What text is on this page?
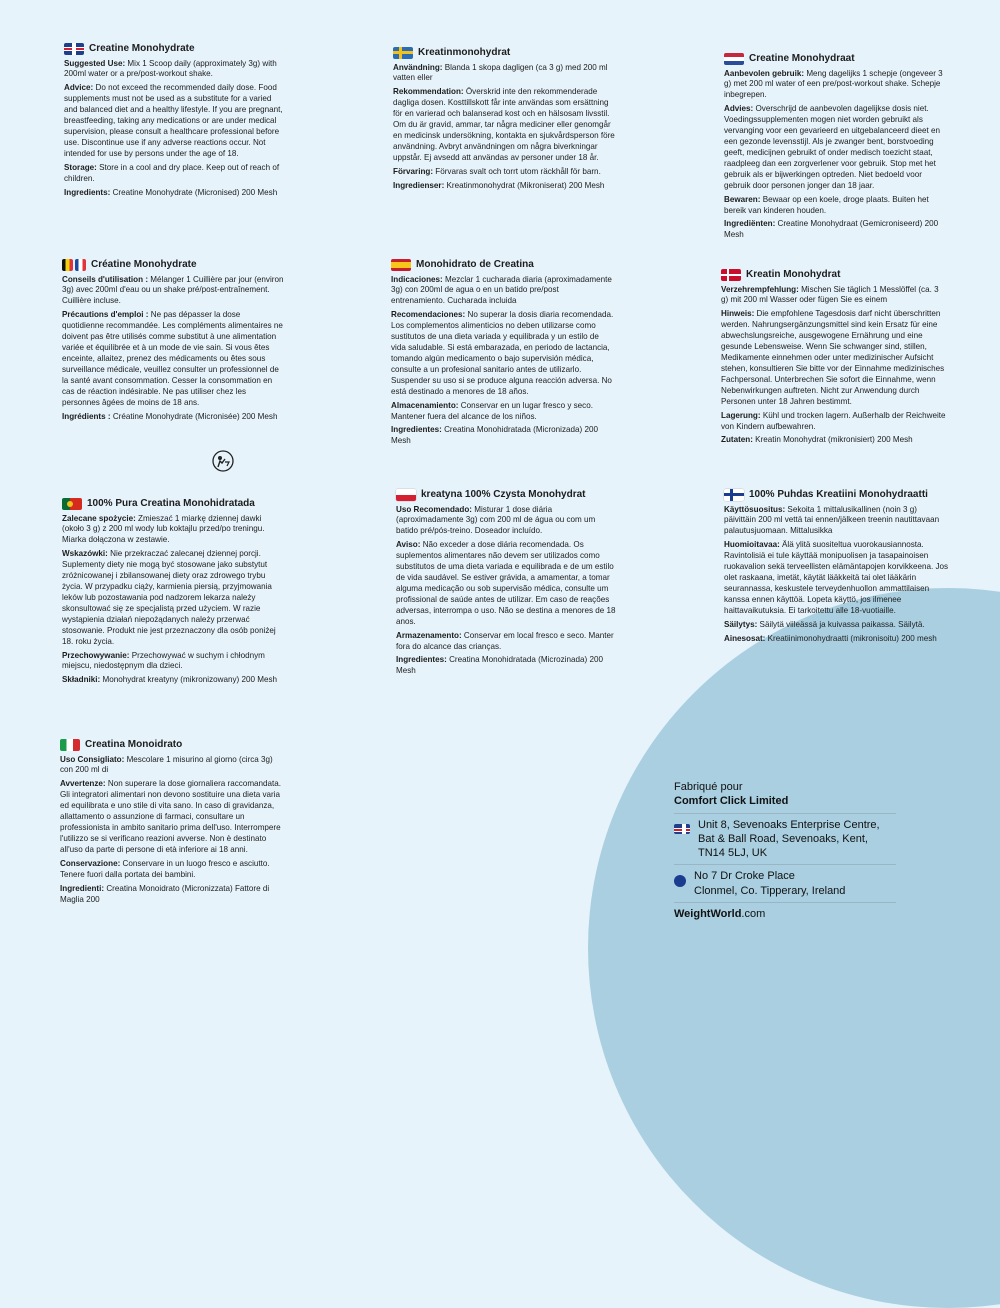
Creatine Monohydrate

Suggested Use: Mix 1 Scoop daily (approximately 3g) with 200ml water or a pre/post-workout shake.

Advice: Do not exceed the recommended daily dose. Food supplements must not be used as a substitute for a varied and balanced diet and a healthy lifestyle. If you are pregnant, breastfeeding, taking any medications or are under medical supervision, please consult a healthcare professional before use. Discontinue use if any adverse reactions occur. Not intended for use by persons under the age of 18.

Storage: Store in a cool and dry place. Keep out of reach of children.

Ingredients: Creatine Monohydrate (Micronised) 200 Mesh

Créatine Monohydrate

Conseils d'utilisation : Mélanger 1 Cuillière par jour (environ 3g) avec 200ml d'eau ou un shake pré/post-entraînement. Cuillière incluse.

Précautions d'emploi : Ne pas dépasser la dose quotidienne recommandée. Les compléments alimentaires ne doivent pas être utilisés comme substitut à une alimentation variée et équilibrée et à un mode de vie sain. Si vous êtes enceinte, allaitez, prenez des médicaments ou êtes sous surveillance médicale, veuillez consulter un professionnel de la santé avant consommation. Cesser la consommation en cas de réaction indésirable. Ne pas utiliser chez les personnes âgées de moins de 18 ans.

Ingrédients : Créatine Monohydrate (Micronisée) 200 Mesh

100% Pura Creatina Monohidratada

Zalecane spożycie: Zmieszać 1 miarkę dziennej dawki (około 3 g) z 200 ml wody lub koktajlu przed/po treningu. Miarka dołączona w zestawie.

Wskazówki: Nie przekraczać zalecanej dziennej porcji. Suplementy diety nie mogą być stosowane jako substytut zróżnicowanej i zbilansowanej diety oraz zdrowego trybu życia. W przypadku ciąży, karmienia piersią, przyjmowania leków lub pozostawania pod nadzorem lekarza należy skonsultować się ze specjalistą przed użyciem. W razie wystąpienia działań niepożądanych należy przerwać stosowanie. Produkt nie jest przeznaczony dla osób poniżej 18. roku życia.

Przechowywanie: Przechowywać w suchym i chłodnym miejscu, niedostępnym dla dzieci.

Składniki: Monohydrat kreatyny (mikronizowany) 200 Mesh

Creatina Monoidrato

Uso Consigliato: Mescolare 1 misurino al giorno (circa 3g) con 200 ml di

Avvertenze: Non superare la dose giornaliera raccomandata. Gli integratori alimentari non devono sostituire una dieta varia ed equilibrata e uno stile di vita sano. In caso di gravidanza, allattamento o assunzione di farmaci, consultare un professionista in ambito sanitario prima dell'uso. Interrompere l'utilizzo se si verificano reazioni avverse. Non è destinato all'uso da parte di persone di età inferiore ai 18 anni.

Conservazione: Conservare in un luogo fresco e asciutto. Tenere fuori dalla portata dei bambini.

Ingredienti: Creatina Monoidrato (Micronizzata) Fattore di Maglia 200

Kreatinmonohydrat

Användning: Blanda 1 skopa dagligen (ca 3 g) med 200 ml vatten eller

Rekommendation: Överskrid inte den rekommenderade dagliga dosen. Kosttillskott får inte användas som ersättning för en varierad och balanserad kost och en hälsosam livsstil. Om du är gravid, ammar, tar några mediciner eller genomgår en medicinsk undersökning, kontakta en sjukvårdsperson före användning. Avbryt användningen om några biverkningar uppstår. Ej avsedd att användas av personer under 18 år.

Förvaring: Förvaras svalt och torrt utom räckhåll för barn.

Ingredienser: Kreatinmonohydrat (Mikroniserat) 200 Mesh

Monohidrato de Creatina

Indicaciones: Mezclar 1 cucharada diaria (aproximadamente 3g) con 200ml de agua o en un batido pre/post entrenamiento. Cucharada incluida

Recomendaciones: No superar la dosis diaria recomendada. Los complementos alimenticios no deben utilizarse como sustitutos de una dieta variada y equilibrada y un estilo de vida saludable. Si está embarazada, en periodo de lactancia, tomando algún medicamento o bajo supervisión médica, consulte a un profesional sanitario antes de utilizarlo. Suspender su uso si se produce alguna reacción adversa. No está destinado a menores de 18 años.

Almacenamiento: Conservar en un lugar fresco y seco. Mantener fuera del alcance de los niños.

Ingredientes: Creatina Monohidratada (Micronizada) 200 Mesh

kreatyna 100% Czysta Monohydrat

Uso Recomendado: Misturar 1 dose diária (aproximadamente 3g) com 200 ml de água ou com um batido pré/pós-treino. Doseador incluído.

Aviso: Não exceder a dose diária recomendada. Os suplementos alimentares não devem ser utilizados como substitutos de uma dieta variada e equilibrada e de um estilo de vida saudável. Se estiver grávida, a amamentar, a tomar alguma medicação ou sob supervisão médica, consulte um profissional de saúde antes de utilizar. Em caso de reações adversas, interrompa o uso. Não se destina a menores de 18 anos.

Armazenamento: Conservar em local fresco e seco. Manter fora do alcance das crianças.

Ingredientes: Creatina Monohidratada (Microzinada) 200 Mesh

Creatine Monohydraat

Aanbevolen gebruik: Meng dagelijks 1 schepje (ongeveer 3 g) met 200 ml water of een pre/post-workout shake. Schepje inbegrepen.

Advies: Overschrijd de aanbevolen dagelijkse dosis niet. Voedingssupplementen mogen niet worden gebruikt als vervanging voor een gevarieerd en uitgebalanceerd dieet en een gezonde levensstijl. Als je zwanger bent, borstvoeding geeft, medicijnen gebruikt of onder medisch toezicht staat, raadpleeg dan een zorgverlener voor gebruik. Stop met het gebruik als er bijwerkingen optreden. Niet bedoeld voor gebruik door personen jonger dan 18 jaar.

Bewaren: Bewaar op een koele, droge plaats. Buiten het bereik van kinderen houden.

Ingrediënten: Creatine Monohydraat (Gemicroniseerd) 200 Mesh

Kreatin Monohydrat

Verzehrempfehlung: Mischen Sie täglich 1 Messlöffel (ca. 3 g) mit 200 ml Wasser oder fügen Sie es einem

Hinweis: Die empfohlene Tagesdosis darf nicht überschritten werden. Nahrungsergänzungsmittel sind kein Ersatz für eine abwechslungsreiche, ausgewogene Ernährung und eine gesunde Lebensweise. Wenn Sie schwanger sind, stillen, Medikamente einnehmen oder unter medizinischer Aufsicht stehen, konsultieren Sie bitte vor der Einnahme medizinisches Fachpersonal. Unterbrechen Sie sofort die Einnahme, wenn Nebenwirkungen auftreten. Nicht zur Anwendung durch Personen unter 18 Jahren bestimmt.

Lagerung: Kühl und trocken lagern. Außerhalb der Reichweite von Kindern aufbewahren.

Zutaten: Kreatin Monohydrat (mikronisiert) 200 Mesh

100% Puhdas Kreatiini Monohydraatti

Käyttösuositus: Sekoita 1 mittalusikallinen (noin 3 g) päivittäin 200 ml vettä tai ennen/jälkeen treenin nautittavaan palautusjuomaan. Mittalusikka

Huomioitavaa: Älä ylitä suositeltua vuorokausiannosta. Ravintolisiä ei tule käyttää monipuolisen ja tasapainoisen ruokavalion sekä terveellisten elämäntapojen korvikkeena. Jos olet raskaana, imetät, käytät lääkkeitä tai olet lääkärin seurannassa, keskustele terveydenhuollon ammattilaisen kanssa ennen käyttöä. Lopeta käyttö, jos ilmenee haittavaikutuksia. Ei tarkoitettu alle 18-vuotiaille.

Säilytys: Säilytä viileässä ja kuivassa paikassa. Säilytä.

Ainesosat: Kreatiinimonohydraatti (mikronisoitu) 200 mesh

Fabriqué pour
Comfort Click Limited
Unit 8, Sevenoaks Enterprise Centre,
Bat & Ball Road, Sevenoaks, Kent,
TN14 5LJ, UK
No 7 Dr Croke Place
Clonmel, Co. Tipperary, Ireland
WeightWorld.com
